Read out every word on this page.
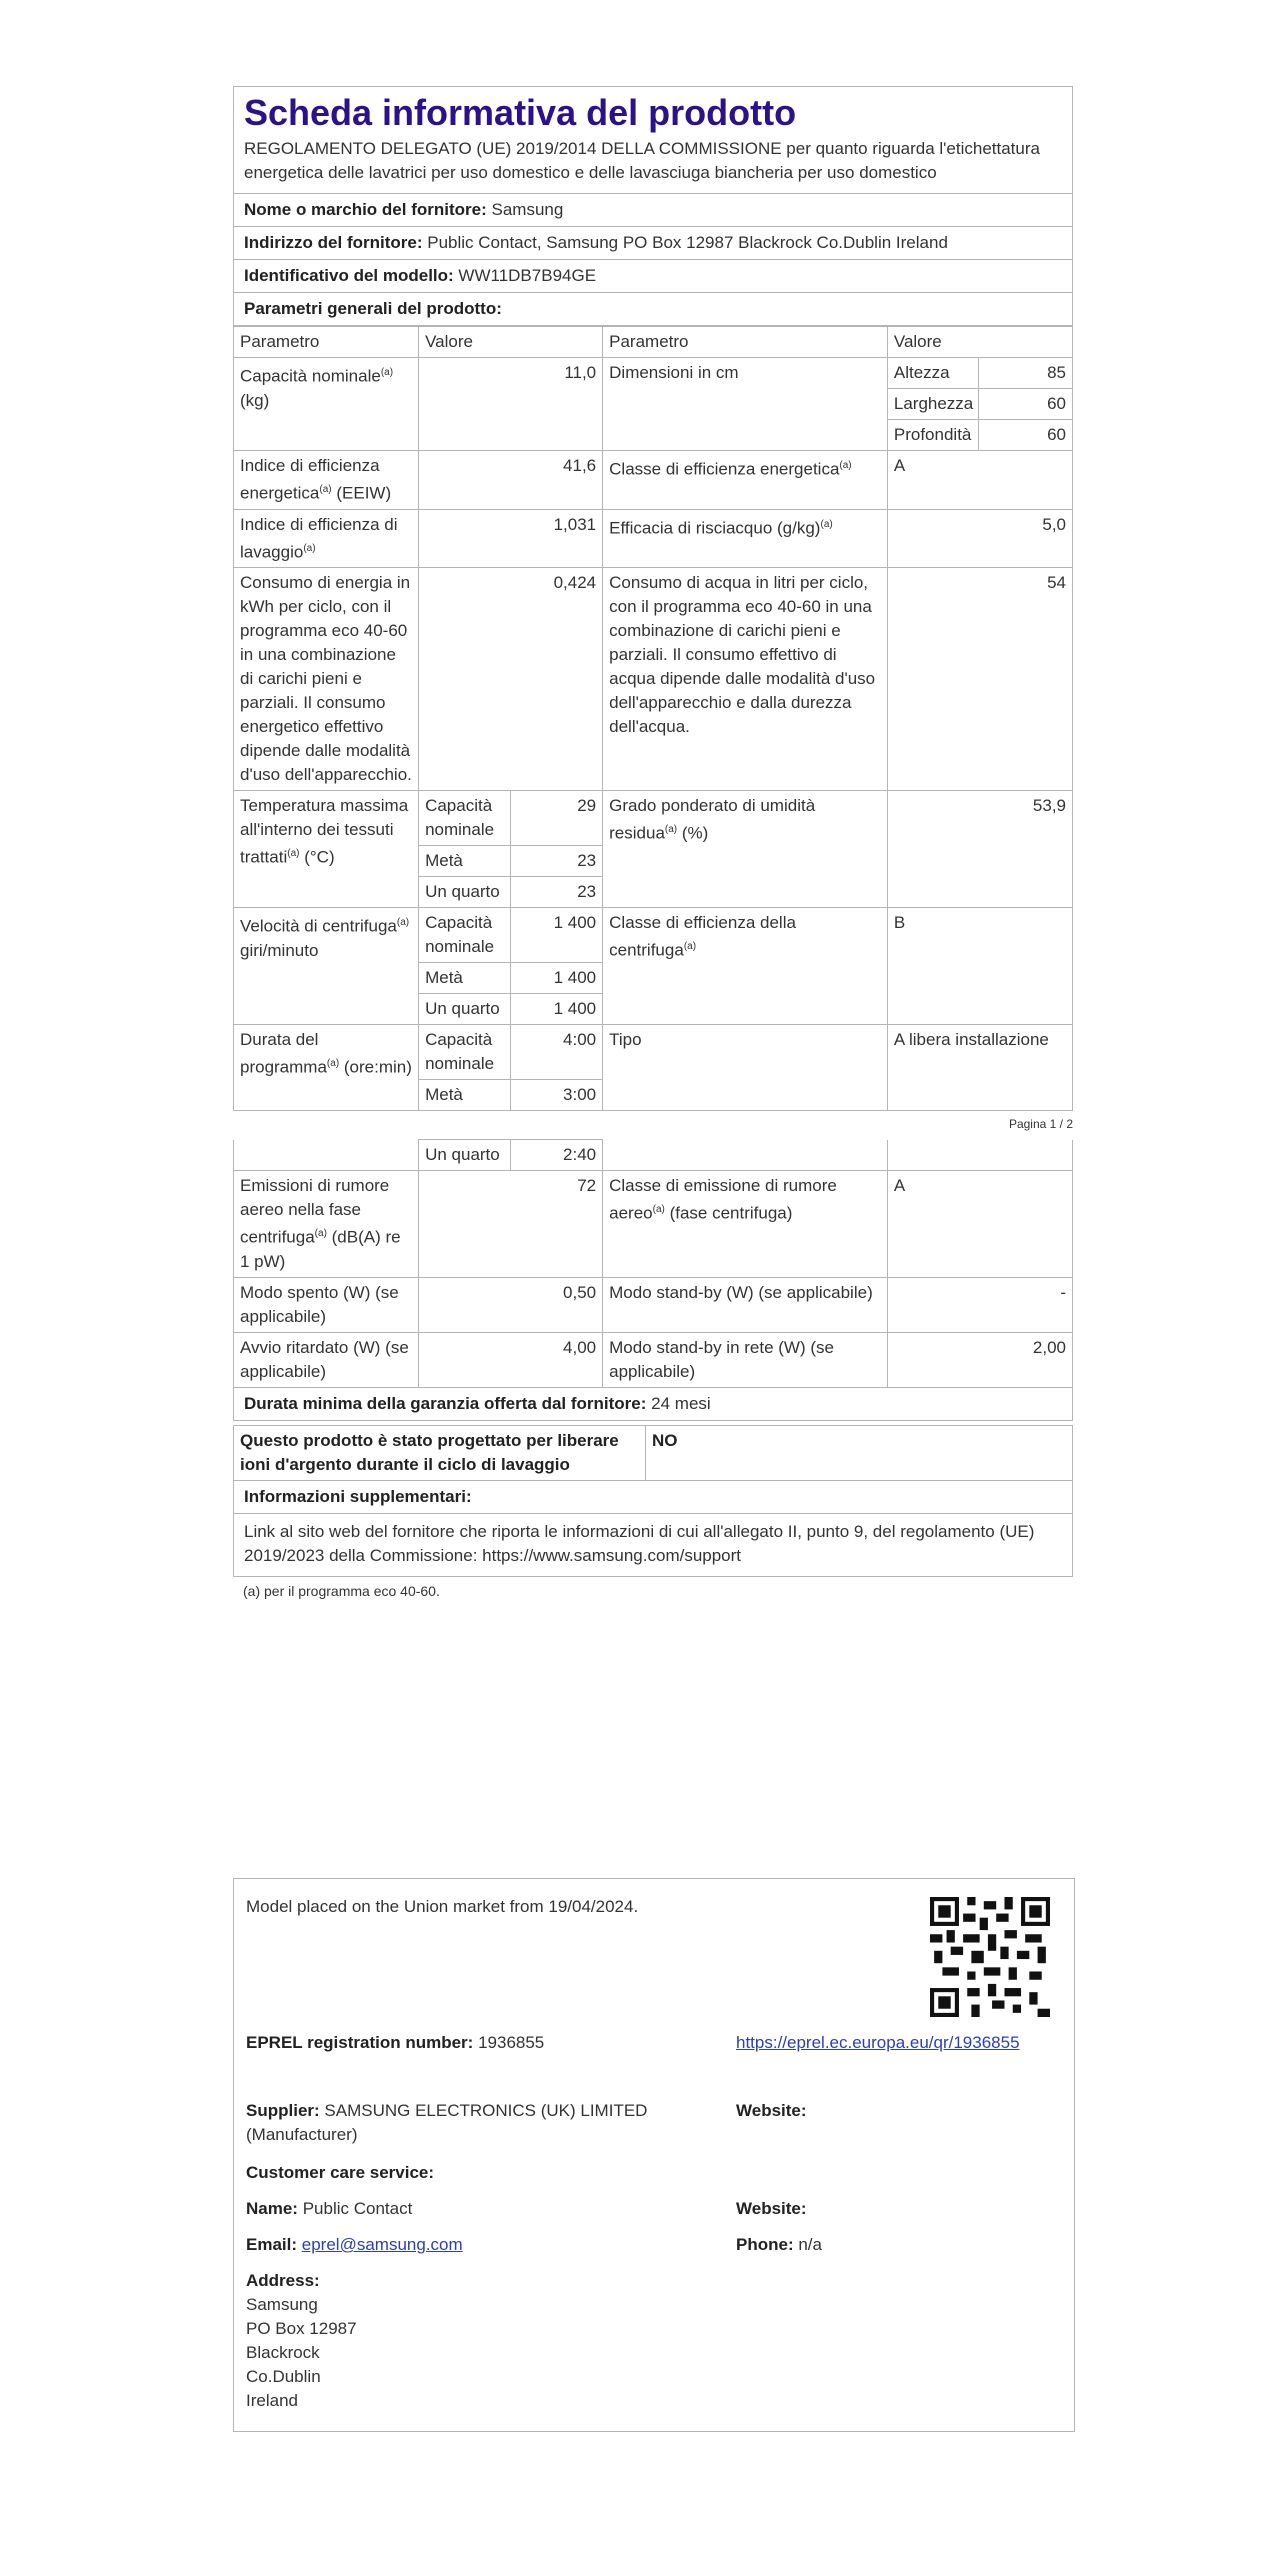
Scheda informativa del prodotto
REGOLAMENTO DELEGATO (UE) 2019/2014 DELLA COMMISSIONE per quanto riguarda l'etichettatura energetica delle lavatrici per uso domestico e delle lavasciuga biancheria per uso domestico
Nome o marchio del fornitore: Samsung
Indirizzo del fornitore: Public Contact, Samsung PO Box 12987 Blackrock Co.Dublin Ireland
Identificativo del modello: WW11DB7B94GE
Parametri generali del prodotto:
Parametro	Valore		Parametro	Valore	
Capacità nominale$^{(a)}$ (kg)	11,0		Dimensioni in cm	Altezza	85
				Larghezza	60
				Profondità	60
Indice di efficienza energetica$^{(a)}$ (EEIW)	41,6		Classe di efficienza energetica$^{(a)}$	A	
Indice di efficienza di lavaggio$^{(a)}$	1,031		Efficacia di risciacquo $(g/kg)^{(a)}$	5,0	
Consumo di energia in kWh per ciclo, con il programma eco 40-60 in una combinazione di carichi pieni e parziali. Il consumo energetico effettivo dipende dalle modalità d'uso dell'apparecchio.	0,424		Consumo di acqua in litri per ciclo, con il programma eco 40-60 in una combinazione di carichi pieni e parziali. Il consumo effettivo di acqua dipende dalle modalità d'uso dell'apparecchio e dalla durezza dell'acqua.	54	
Temperatura massima all'interno dei tessuti trattati$^{(a)}$ (°C)	Capacità nominale	29	Grado ponderato di umidità residua$^{(a)}$ (%)	53,9	
	Metà	23			
	Un quarto	23			
Velocità di centrifuga$^{(a)}$ giri/minuto	Capacità nominale	1 400	Classe di efficienza della centrifuga$^{(a)}$	B	
	Metà	1 400			
	Un quarto	1 400			
Durata del programma$^{(a)}$ (ore:min)	Capacità nominale	4:00	Tipo	A libera installazione	
	Metà	3:00			
Pagina 1 / 2
	Un quarto	2:40		
Emissioni di rumore aereo nella fase centrifuga$^{(a)}$ (dB(A) re 1 pW)	72		Classe di emissione di rumore aereo$^{(a)}$ (fase centrifuga)	A
Modo spento (W) (se applicabile)	0,50		Modo stand-by (W) (se applicabile)	-
Avvio ritardato (W) (se applicabile)	4,00		Modo stand-by in rete (W) (se applicabile)	2,00
Durata minima della garanzia offerta dal fornitore: 24 mesi
Questo prodotto è stato progettato per liberare ioni d'argento durante il ciclo di lavaggio	NO
Informazioni supplementari:
Link al sito web del fornitore che riporta le informazioni di cui all'allegato II, punto 9, del regolamento (UE) 2019/2023 della Commissione: https://www.samsung.com/support
(a) per il programma eco 40-60.
Model placed on the Union market from 19/04/2024.
EPREL registration number: 1936855	https://eprel.ec.europa.eu/qr/1936855
Supplier: SAMSUNG ELECTRONICS (UK) LIMITED (Manufacturer)
Website:
Customer care service:
Name: Public Contact	Website:
Email: eprel@samsung.com	Phone: n/a
Address:
Samsung
PO Box 12987
Blackrock
Co.Dublin
Ireland
